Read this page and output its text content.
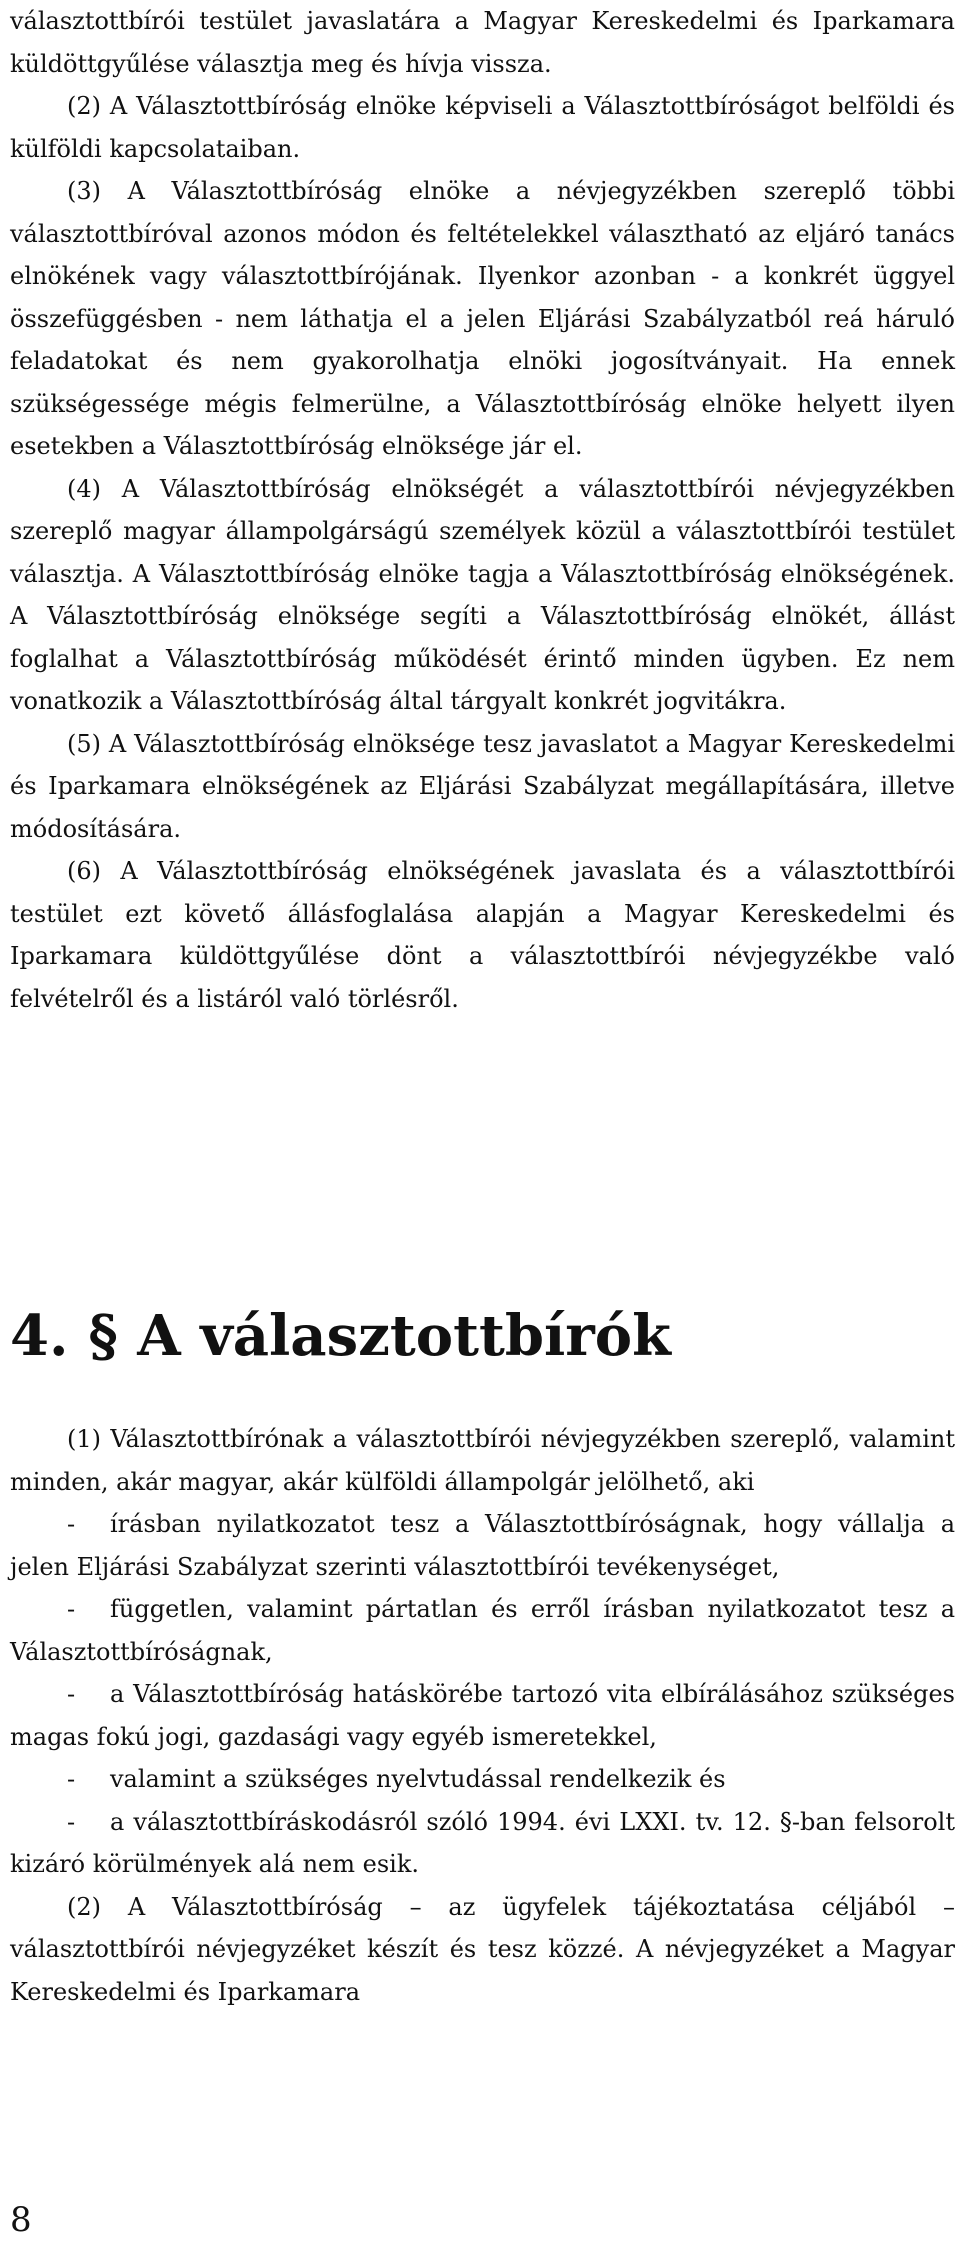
választottbírói testület javaslatára a Magyar Kereskedelmi és Iparkamara küldöttgyűlése választja meg és hívja vissza.

(2) A Választottbíróság elnöke képviseli a Választottbíróságot belföldi és külföldi kapcsolataiban.

(3) A Választottbíróság elnöke a névjegyzékben szereplő többi választottbíróval azonos módon és feltételekkel választható az eljáró tanács elnökének vagy választottbírójának. Ilyenkor azonban - a konkrét üggyel összefüggésben - nem láthatja el a jelen Eljárási Szabályzatból reá háruló feladatokat és nem gyakorolhatja elnöki jogosítványait. Ha ennek szükségessége mégis felmerülne, a Választottbíróság elnöke helyett ilyen esetekben a Választottbíróság elnöksége jár el.

(4) A Választottbíróság elnökségét a választottbírói névjegyzékben szereplő magyar állampolgárságú személyek közül a választottbírói testület választja. A Választottbíróság elnöke tagja a Választottbíróság elnökségének. A Választottbíróság elnöksége segíti a Választottbíróság elnökét, állást foglalhat a Választottbíróság működését érintő minden ügyben. Ez nem vonatkozik a Választottbíróság által tárgyalt konkrét jogvitákra.

(5) A Választottbíróság elnöksége tesz javaslatot a Magyar Kereskedelmi és Iparkamara elnökségének az Eljárási Szabályzat megállapítására, illetve módosítására.

(6) A Választottbíróság elnökségének javaslata és a választottbírói testület ezt követő állásfoglalása alapján a Magyar Kereskedelmi és Iparkamara küldöttgyűlése dönt a választottbírói névjegyzékbe való felvételről és a listáról való törlésről.

4. § A választottbírók

(1) Választottbírónak a választottbírói névjegyzékben szereplő, valamint minden, akár magyar, akár külföldi állampolgár jelölhető, aki

- írásban nyilatkozatot tesz a Választottbíróságnak, hogy vállalja a jelen Eljárási Szabályzat szerinti választottbírói tevékenységet,

- független, valamint pártatlan és erről írásban nyilatkozatot tesz a Választottbíróságnak,

- a Választottbíróság hatáskörébe tartozó vita elbírálásához szükséges magas fokú jogi, gazdasági vagy egyéb ismeretekkel,

- valamint a szükséges nyelvtudással rendelkezik és

- a választottbíráskodásról szóló 1994. évi LXXI. tv. 12. §-ban felsorolt kizáró körülmények alá nem esik.

(2) A Választottbíróság – az ügyfelek tájékoztatása céljából – választottbírói névjegyzéket készít és tesz közzé. A névjegyzéket a Magyar Kereskedelmi és Iparkamara

8
